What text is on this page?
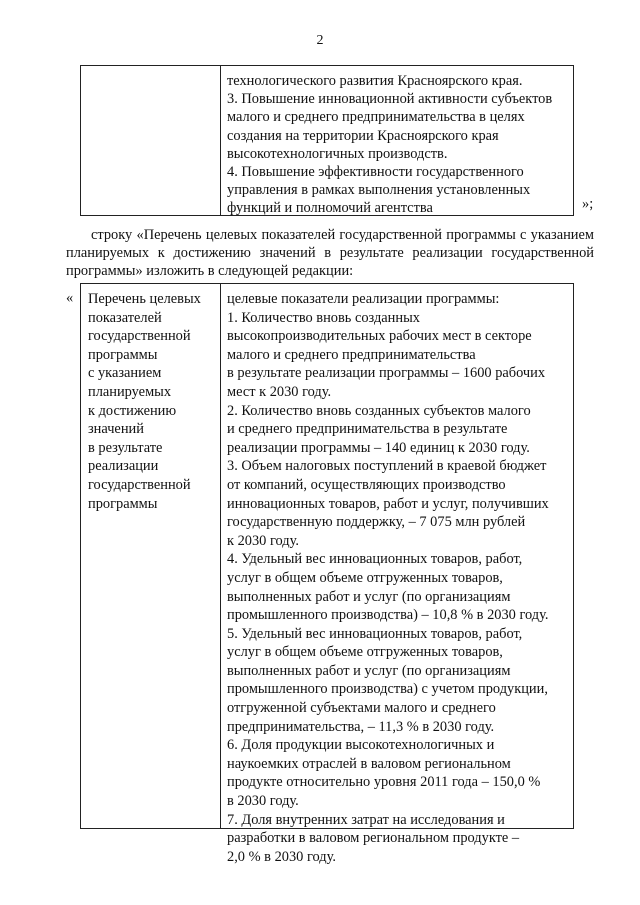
2
технологического развития Красноярского края.
3. Повышение инновационной активности субъектов
малого и среднего предпринимательства в целях
создания на территории Красноярского края
высокотехнологичных производств.
4. Повышение эффективности государственного
управления в рамках выполнения установленных
функций и полномочий агентства	»;
строку «Перечень целевых показателей государственной программы с указанием планируемых к достижению значений в результате реализации государственной программы» изложить в следующей редакции:
« Перечень целевых
показателей
государственной
программы
с указанием
планируемых
к достижению
значений
в результате
реализации
государственной
программы
целевые показатели реализации программы:
1. Количество вновь созданных
высокопроизводительных рабочих мест в секторе
малого и среднего предпринимательства
в результате реализации программы – 1600 рабочих
мест к 2030 году.
2. Количество вновь созданных субъектов малого
и среднего предпринимательства в результате
реализации программы – 140 единиц к 2030 году.
3. Объем налоговых поступлений в краевой бюджет
от компаний, осуществляющих производство
инновационных товаров, работ и услуг, получивших
государственную поддержку, – 7 075 млн рублей
к 2030 году.
4. Удельный вес инновационных товаров, работ,
услуг в общем объеме отгруженных товаров,
выполненных работ и услуг (по организациям
промышленного производства) – 10,8 % в 2030 году.
5. Удельный вес инновационных товаров, работ,
услуг в общем объеме отгруженных товаров,
выполненных работ и услуг (по организациям
промышленного производства) с учетом продукции,
отгруженной субъектами малого и среднего
предпринимательства, – 11,3 % в 2030 году.
6. Доля продукции высокотехнологичных и
наукоемких отраслей в валовом региональном
продукте относительно уровня 2011 года – 150,0 %
в 2030 году.
7. Доля внутренних затрат на исследования и
разработки в валовом региональном продукте –
2,0 % в 2030 году.
